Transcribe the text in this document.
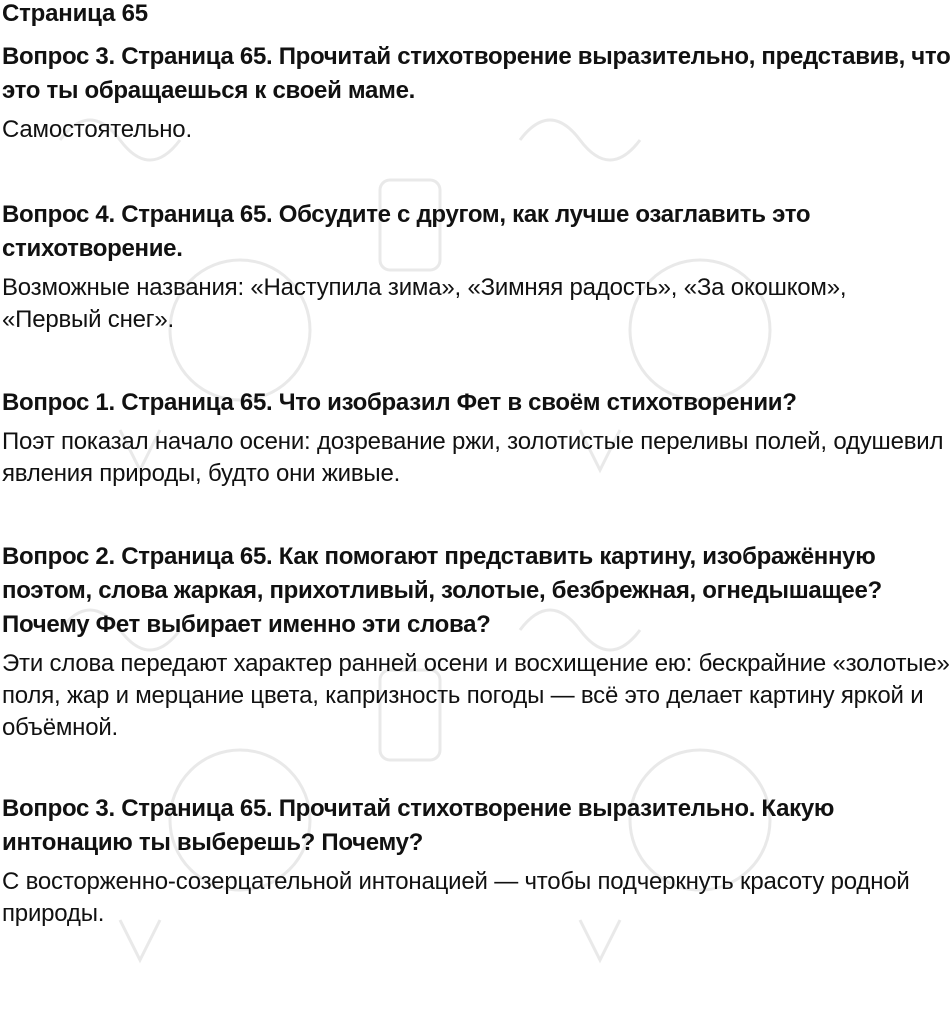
Страница 65

Вопрос 3. Страница 65. Прочитай стихотворение выразительно, представив, что это ты обращаешься к своей маме.

Самостоятельно.

Вопрос 4. Страница 65. Обсудите с другом, как лучше озаглавить это стихотворение.

Возможные названия: «Наступила зима», «Зимняя радость», «За окошком», «Первый снег».

Вопрос 1. Страница 65. Что изобразил Фет в своём стихотворении?

Поэт показал начало осени: дозревание ржи, золотистые переливы полей, одушевил явления природы, будто они живые.

Вопрос 2. Страница 65. Как помогают представить картину, изображённую поэтом, слова жаркая, прихотливый, золотые, безбрежная, огнедышащее? Почему Фет выбирает именно эти слова?

Эти слова передают характер ранней осени и восхищение ею: бескрайние «золотые» поля, жар и мерцание цвета, капризность погоды — всё это делает картину яркой и объёмной.

Вопрос 3. Страница 65. Прочитай стихотворение выразительно. Какую интонацию ты выберешь? Почему?

С восторженно-созерцательной интонацией — чтобы подчеркнуть красоту родной природы.
